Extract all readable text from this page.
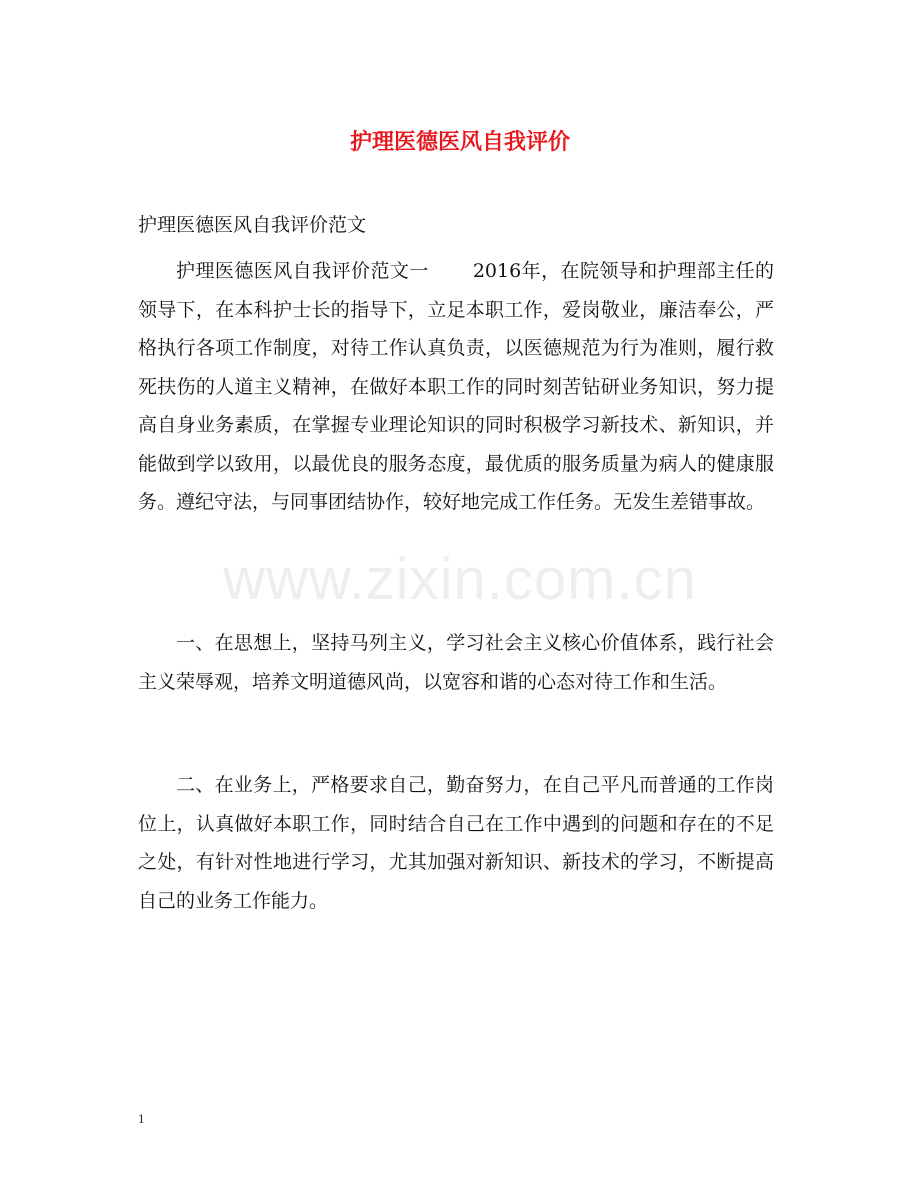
护理医德医风自我评价
护理医德医风自我评价范文

护理医德医风自我评价范文一 2016年，在院领导和护理部主任的领导下，在本科护士长的指导下，立足本职工作，爱岗敬业，廉洁奉公，严格执行各项工作制度，对待工作认真负责，以医德规范为行为准则，履行救死扶伤的人道主义精神，在做好本职工作的同时刻苦钻研业务知识，努力提高自身业务素质，在掌握专业理论知识的同时积极学习新技术、新知识，并能做到学以致用，以最优良的服务态度，最优质的服务质量为病人的健康服务。遵纪守法，与同事团结协作，较好地完成工作任务。无发生差错事故。

一、在思想上，坚持马列主义，学习社会主义核心价值体系，践行社会主义荣辱观，培养文明道德风尚，以宽容和谐的心态对待工作和生活。

二、在业务上，严格要求自己，勤奋努力，在自己平凡而普通的工作岗位上，认真做好本职工作，同时结合自己在工作中遇到的问题和存在的不足之处，有针对性地进行学习，尤其加强对新知识、新技术的学习，不断提高自己的业务工作能力。

www.zixin.com.cn
1
